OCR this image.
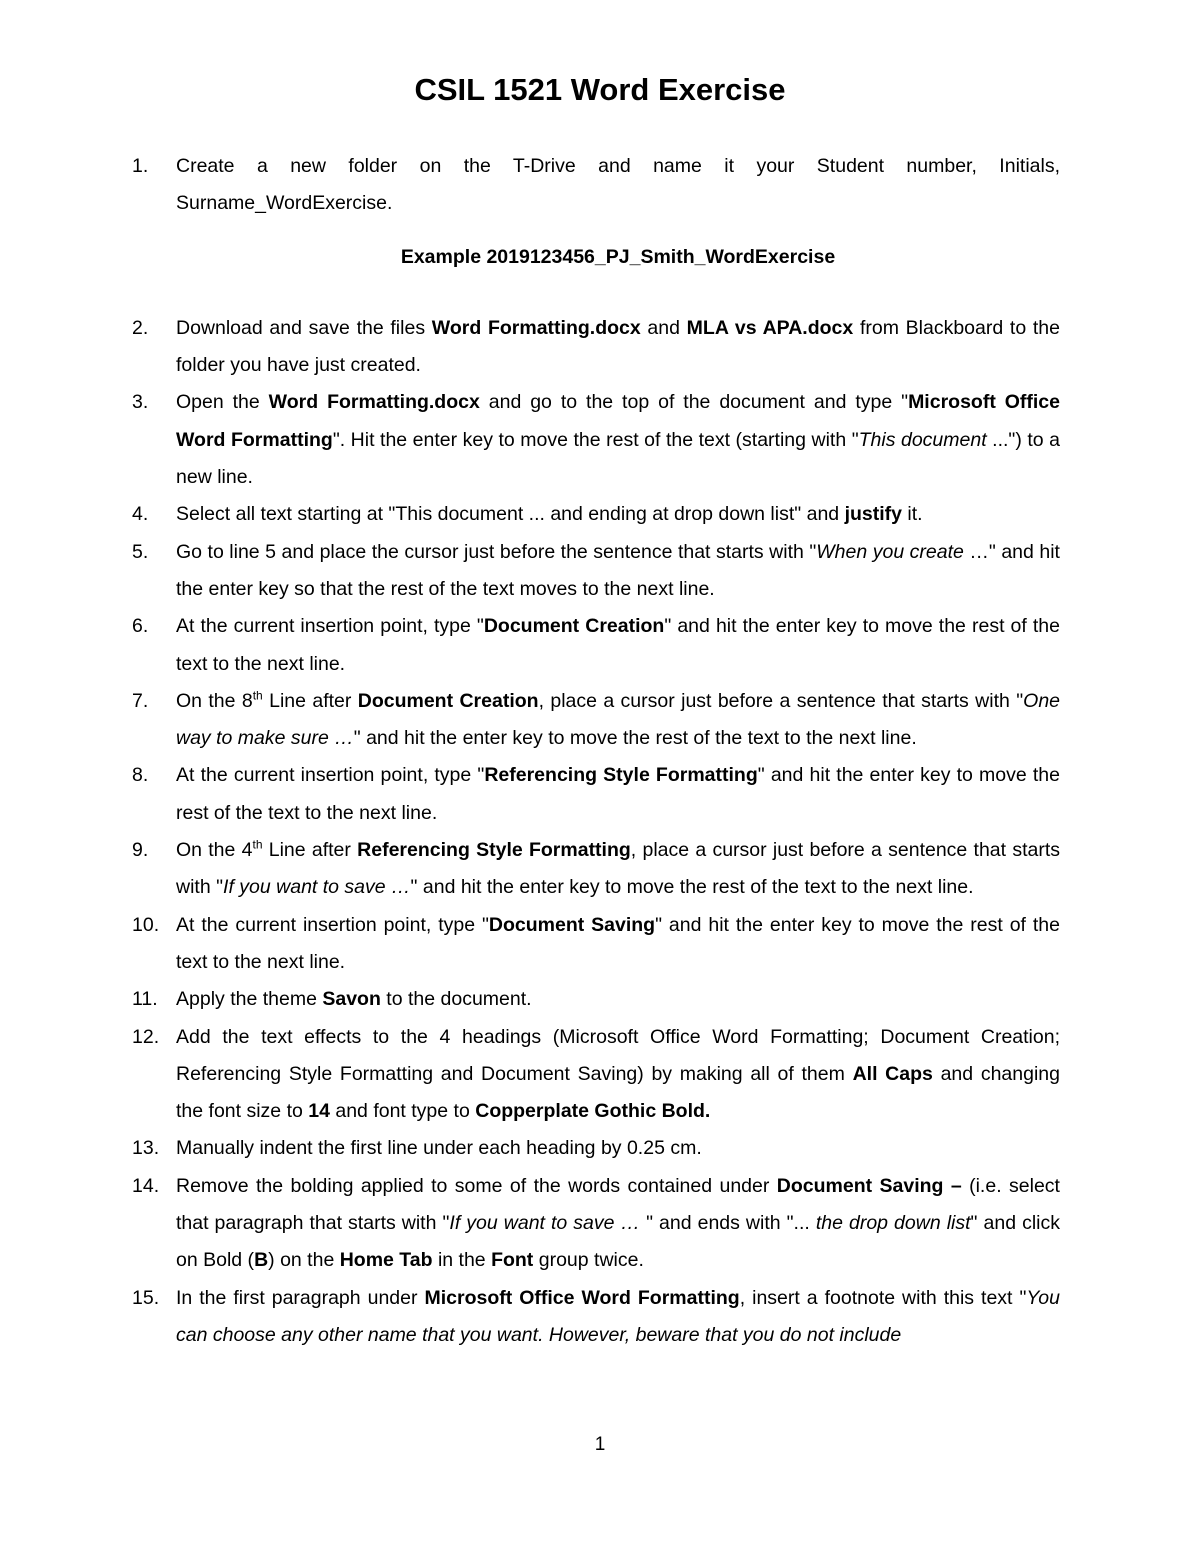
CSIL 1521 Word Exercise
1. Create a new folder on the T-Drive and name it your Student number, Initials, Surname_WordExercise.
Example 2019123456_PJ_Smith_WordExercise
2. Download and save the files Word Formatting.docx and MLA vs APA.docx from Blackboard to the folder you have just created.
3. Open the Word Formatting.docx and go to the top of the document and type "Microsoft Office Word Formatting". Hit the enter key to move the rest of the text (starting with "This document ...") to a new line.
4. Select all text starting at "This document ... and ending at drop down list" and justify it.
5. Go to line 5 and place the cursor just before the sentence that starts with "When you create …" and hit the enter key so that the rest of the text moves to the next line.
6. At the current insertion point, type "Document Creation" and hit the enter key to move the rest of the text to the next line.
7. On the 8th Line after Document Creation, place a cursor just before a sentence that starts with "One way to make sure …" and hit the enter key to move the rest of the text to the next line.
8. At the current insertion point, type "Referencing Style Formatting" and hit the enter key to move the rest of the text to the next line.
9. On the 4th Line after Referencing Style Formatting, place a cursor just before a sentence that starts with "If you want to save …" and hit the enter key to move the rest of the text to the next line.
10. At the current insertion point, type "Document Saving" and hit the enter key to move the rest of the text to the next line.
11. Apply the theme Savon to the document.
12. Add the text effects to the 4 headings (Microsoft Office Word Formatting; Document Creation; Referencing Style Formatting and Document Saving) by making all of them All Caps and changing the font size to 14 and font type to Copperplate Gothic Bold.
13. Manually indent the first line under each heading by 0.25 cm.
14. Remove the bolding applied to some of the words contained under Document Saving – (i.e. select that paragraph that starts with "If you want to save … " and ends with "... the drop down list" and click on Bold (B) on the Home Tab in the Font group twice.
15. In the first paragraph under Microsoft Office Word Formatting, insert a footnote with this text "You can choose any other name that you want. However, beware that you do not include
1
